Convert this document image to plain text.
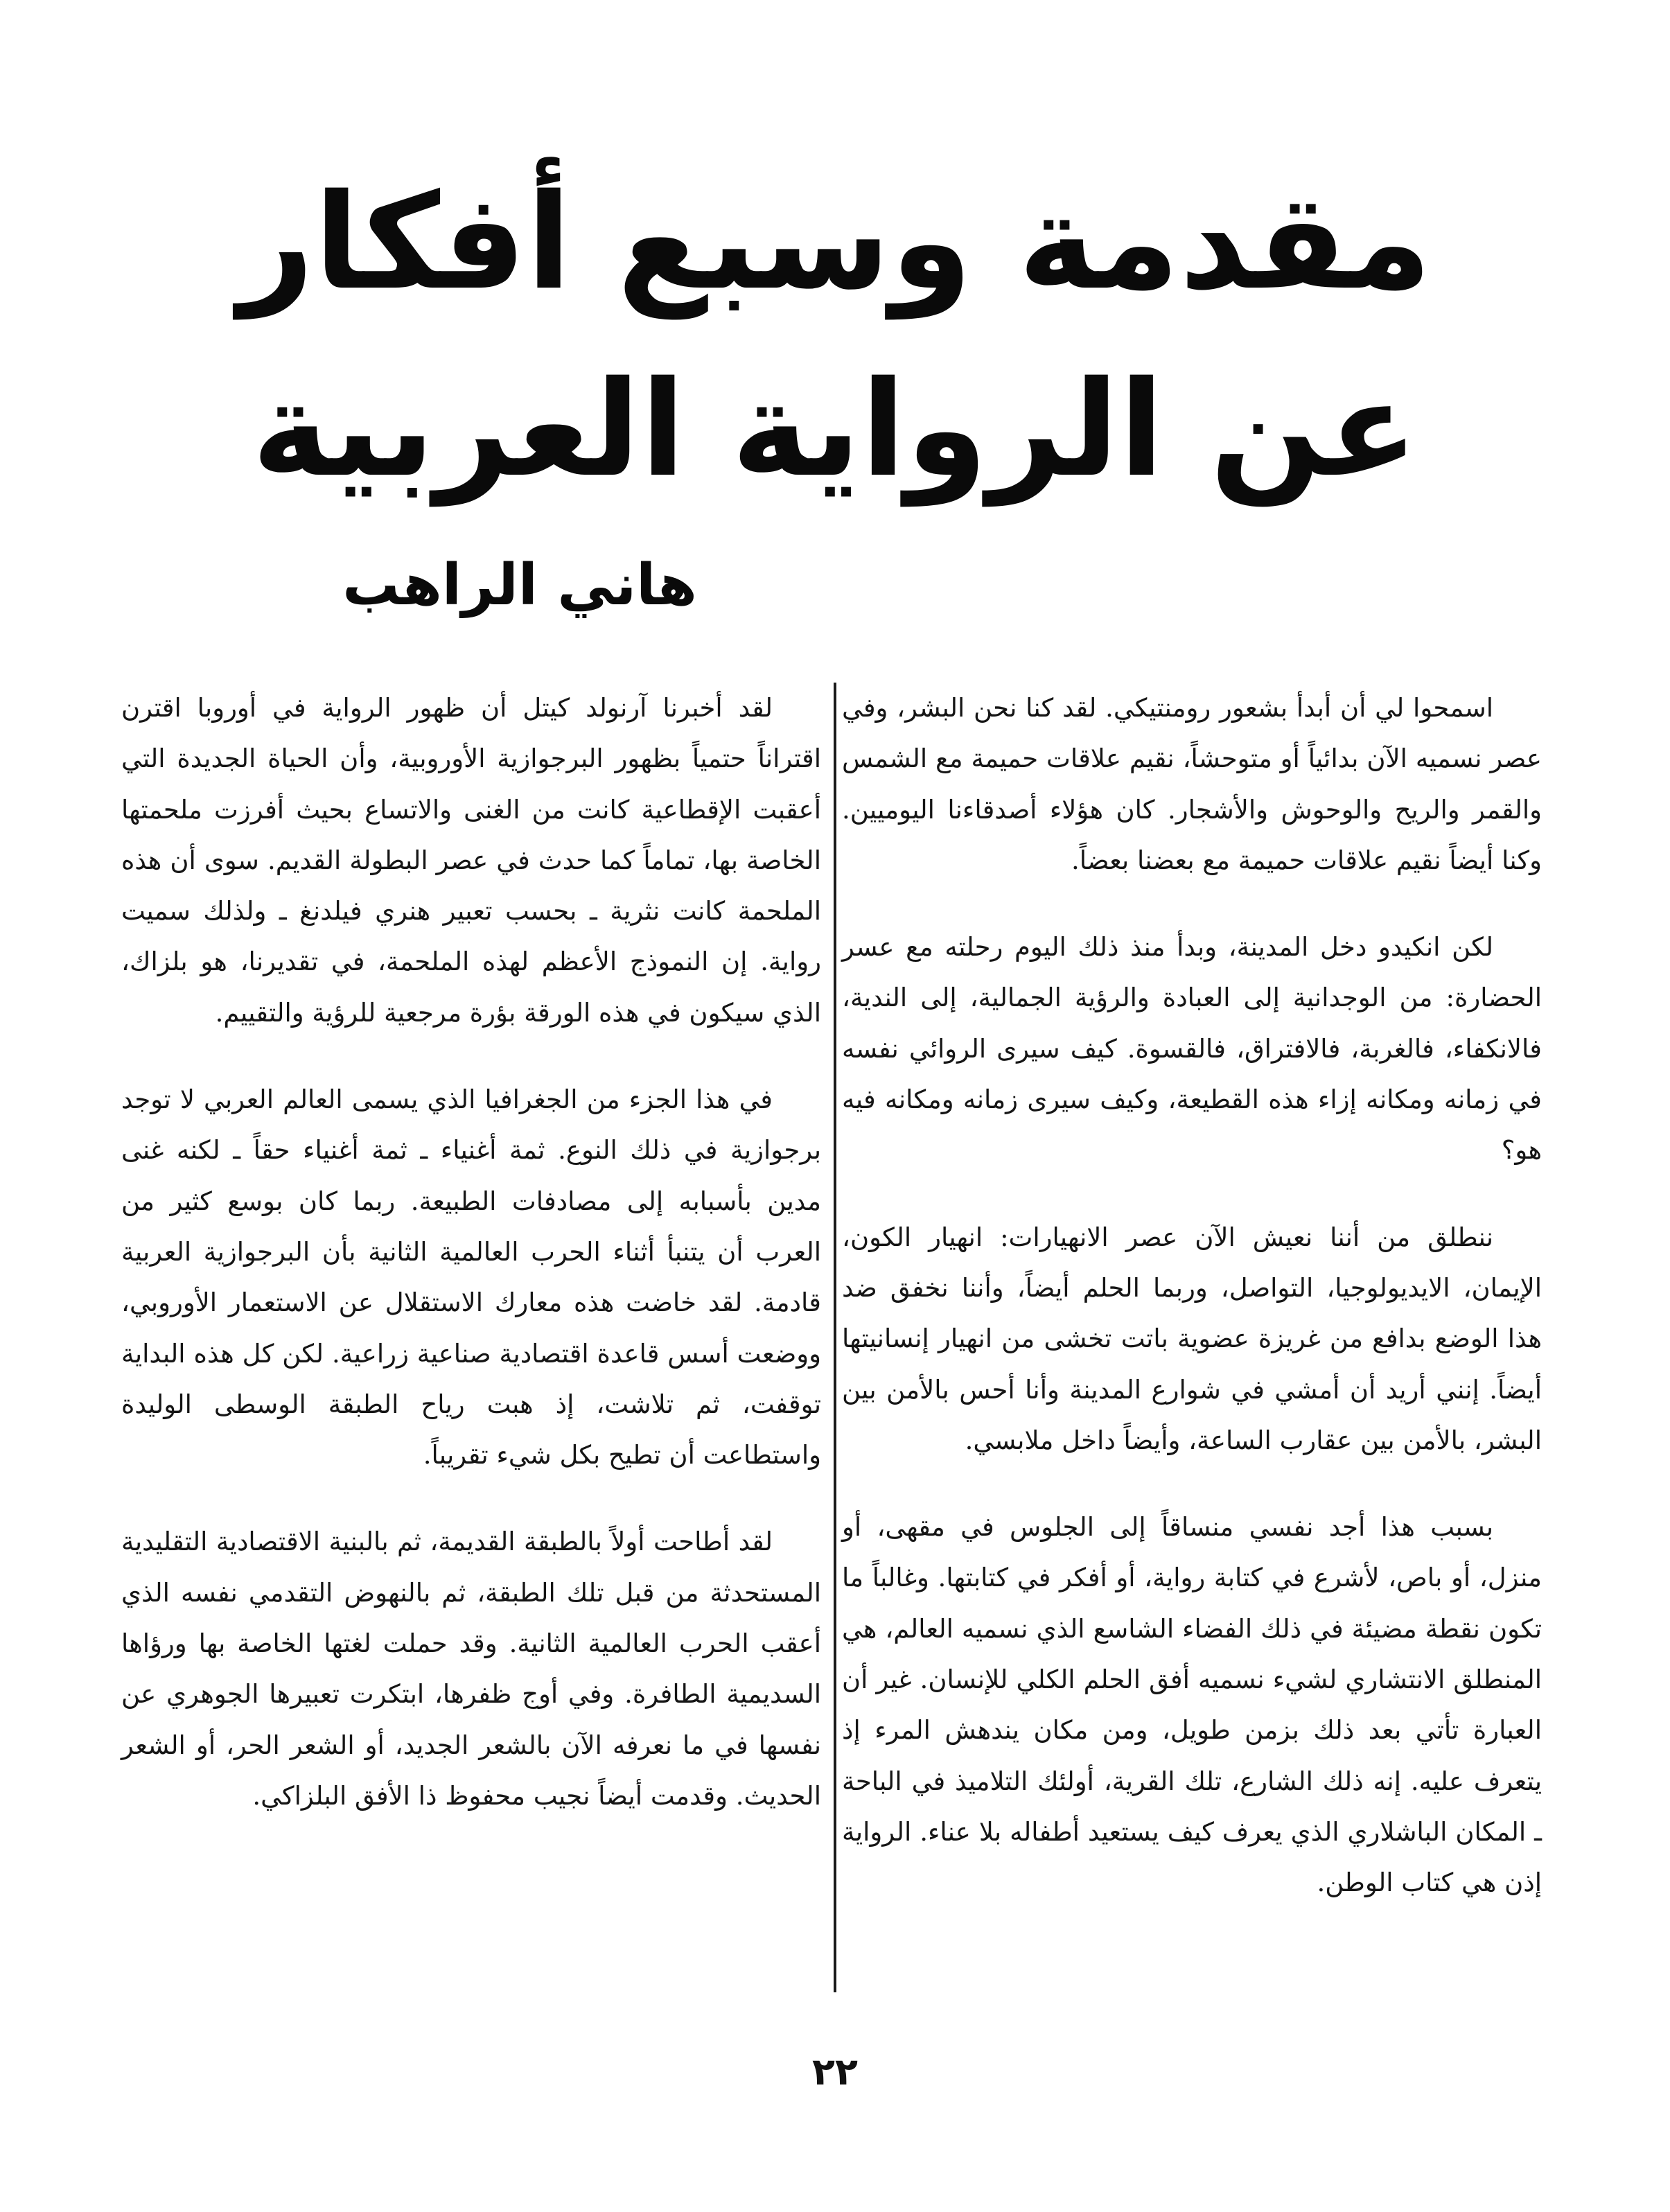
مقدمة وسبع أفكار عن الرواية العربية
هاني الراهب

اسمحوا لي أن أبدأ بشعور رومنتيكي. لقد كنا نحن البشر، وفي عصر نسميه الآن بدائياً أو متوحشاً، نقيم علاقات حميمة مع الشمس والقمر والريح والوحوش والأشجار. كان هؤلاء أصدقاءنا اليوميين. وكنا أيضاً نقيم علاقات حميمة مع بعضنا بعضاً.

لكن انكيدو دخل المدينة، وبدأ منذ ذلك اليوم رحلته مع عسر الحضارة: من الوجدانية إلى العبادة والرؤية الجمالية، إلى الندية، فالانكفاء، فالغربة، فالافتراق، فالقسوة. كيف سيرى الروائي نفسه في زمانه ومكانه إزاء هذه القطيعة، وكيف سيرى زمانه ومكانه فيه هو؟

ننطلق من أننا نعيش الآن عصر الانهيارات: انهيار الكون، الإيمان، الايديولوجيا، التواصل، وربما الحلم أيضاً، وأننا نخفق ضد هذا الوضع بدافع من غريزة عضوية باتت تخشى من انهيار إنسانيتها أيضاً. إنني أريد أن أمشي في شوارع المدينة وأنا أحس بالأمن بين البشر، بالأمن بين عقارب الساعة، وأيضاً داخل ملابسي.

بسبب هذا أجد نفسي منساقاً إلى الجلوس في مقهى، أو منزل، أو باص، لأشرع في كتابة رواية، أو أفكر في كتابتها. وغالباً ما تكون نقطة مضيئة في ذلك الفضاء الشاسع الذي نسميه العالم، هي المنطلق الانتشاري لشيء نسميه أفق الحلم الكلي للإنسان. غير أن العبارة تأتي بعد ذلك بزمن طويل، ومن مكان يندهش المرء إذ يتعرف عليه. إنه ذلك الشارع، تلك القرية، أولئك التلاميذ في الباحة ـ المكان الباشلاري الذي يعرف كيف يستعيد أطفاله بلا عناء. الرواية إذن هي كتاب الوطن.

لقد أخبرنا آرنولد كيتل أن ظهور الرواية في أوروبا اقترن اقتراناً حتمياً بظهور البرجوازية الأوروبية، وأن الحياة الجديدة التي أعقبت الإقطاعية كانت من الغنى والاتساع بحيث أفرزت ملحمتها الخاصة بها، تماماً كما حدث في عصر البطولة القديم. سوى أن هذه الملحمة كانت نثرية ـ بحسب تعبير هنري فيلدنغ ـ ولذلك سميت رواية. إن النموذج الأعظم لهذه الملحمة، في تقديرنا، هو بلزاك، الذي سيكون في هذه الورقة بؤرة مرجعية للرؤية والتقييم.

في هذا الجزء من الجغرافيا الذي يسمى العالم العربي لا توجد برجوازية في ذلك النوع. ثمة أغنياء ـ ثمة أغنياء حقاً ـ لكنه غنى مدين بأسبابه إلى مصادفات الطبيعة. ربما كان بوسع كثير من العرب أن يتنبأ أثناء الحرب العالمية الثانية بأن البرجوازية العربية قادمة. لقد خاضت هذه معارك الاستقلال عن الاستعمار الأوروبي، ووضعت أسس قاعدة اقتصادية صناعية زراعية. لكن كل هذه البداية توقفت، ثم تلاشت، إذ هبت رياح الطبقة الوسطى الوليدة واستطاعت أن تطيح بكل شيء تقريباً.

لقد أطاحت أولاً بالطبقة القديمة، ثم بالبنية الاقتصادية التقليدية المستحدثة من قبل تلك الطبقة، ثم بالنهوض التقدمي نفسه الذي أعقب الحرب العالمية الثانية. وقد حملت لغتها الخاصة بها ورؤاها السديمية الطافرة. وفي أوج ظفرها، ابتكرت تعبيرها الجوهري عن نفسها في ما نعرفه الآن بالشعر الجديد، أو الشعر الحر، أو الشعر الحديث. وقدمت أيضاً نجيب محفوظ ذا الأفق البلزاكي.

٢٢
